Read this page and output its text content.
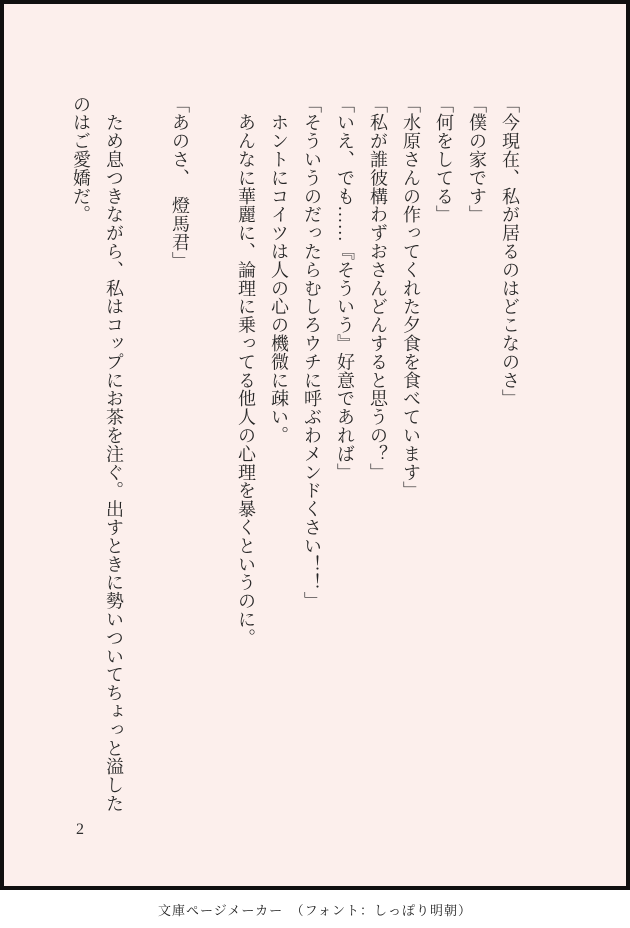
「今現在、私が居るのはどこなのさ」
「僕の家です」
「何をしてる」
「水原さんの作ってくれた夕食を食べています」
「私が誰彼構わずおさんどんすると思うの？」
「いえ、でも……『そういう』好意であれば」
「そういうのだったらむしろウチに呼ぶわメンドくさい！！」
　ホントにコイツは人の心の機微に疎い。
　あんなに華麗に、論理に乗ってる他人の心理を暴くというのに。
「あのさ、　燈馬君」
　ため息つきながら、私はコップにお茶を注ぐ。出すときに勢いついてちょっと溢した
のはご愛嬌だ。
2
文庫ページメーカー　（フォント：しっぽり明朝）
